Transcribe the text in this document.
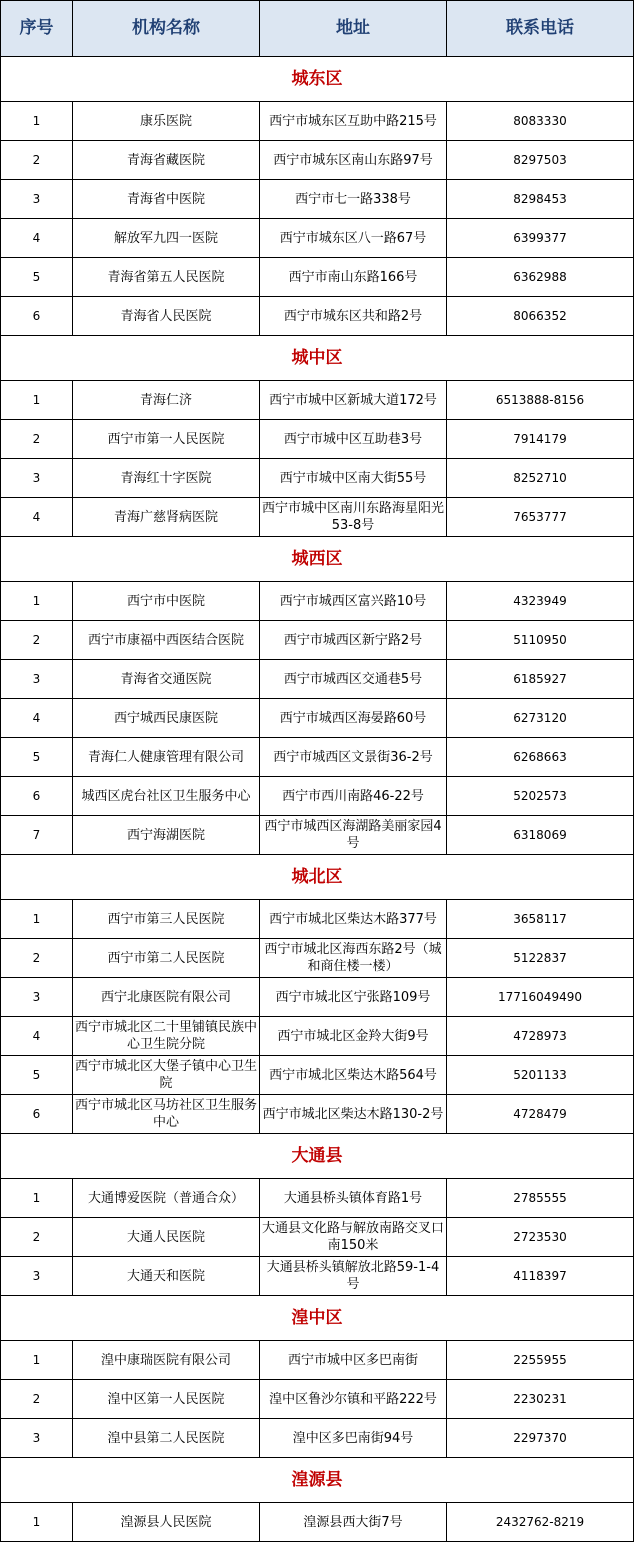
序号	机构名称	地址	联系电话
城东区			
1	康乐医院	西宁市城东区互助中路215号	8083330
2	青海省藏医院	西宁市城东区南山东路97号	8297503
3	青海省中医院	西宁市七一路338号	8298453
4	解放军九四一医院	西宁市城东区八一路67号	6399377
5	青海省第五人民医院	西宁市南山东路166号	6362988
6	青海省人民医院	西宁市城东区共和路2号	8066352
城中区			
1	青海仁济	西宁市城中区新城大道172号	6513888-8156
2	西宁市第一人民医院	西宁市城中区互助巷3号	7914179
3	青海红十字医院	西宁市城中区南大街55号	8252710
4	青海广慈肾病医院	西宁市城中区南川东路海星阳光53-8号	7653777
城西区			
1	西宁市中医院	西宁市城西区富兴路10号	4323949
2	西宁市康福中西医结合医院	西宁市城西区新宁路2号	5110950
3	青海省交通医院	西宁市城西区交通巷5号	6185927
4	西宁城西民康医院	西宁市城西区海晏路60号	6273120
5	青海仁人健康管理有限公司	西宁市城西区文景街36-2号	6268663
6	城西区虎台社区卫生服务中心	西宁市西川南路46-22号	5202573
7	西宁海湖医院	西宁市城西区海湖路美丽家园4号	6318069
城北区			
1	西宁市第三人民医院	西宁市城北区柴达木路377号	3658117
2	西宁市第二人民医院	西宁市城北区海西东路2号（城和商住楼一楼）	5122837
3	西宁北康医院有限公司	西宁市城北区宁张路109号	17716049490
4	西宁市城北区二十里铺镇民族中心卫生院分院	西宁市城北区金羚大街9号	4728973
5	西宁市城北区大堡子镇中心卫生院	西宁市城北区柴达木路564号	5201133
6	西宁市城北区马坊社区卫生服务中心	西宁市城北区柴达木路130-2号	4728479
大通县			
1	大通博爱医院（普通合众）	大通县桥头镇体育路1号	2785555
2	大通人民医院	大通县文化路与解放南路交叉口南150米	2723530
3	大通天和医院	大通县桥头镇解放北路59-1-4号	4118397
湟中区			
1	湟中康瑞医院有限公司	西宁市城中区多巴南街	2255955
2	湟中区第一人民医院	湟中区鲁沙尔镇和平路222号	2230231
3	湟中县第二人民医院	湟中区多巴南街94号	2297370
湟源县			
1	湟源县人民医院	湟源县西大街7号	2432762-8219
